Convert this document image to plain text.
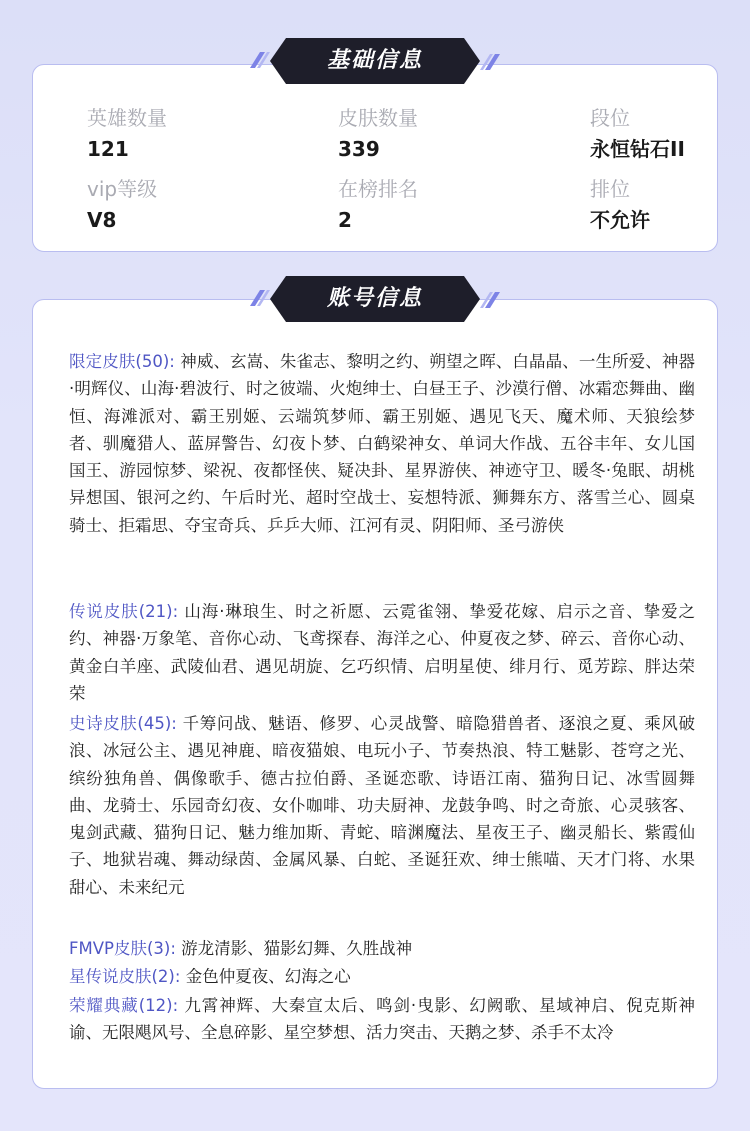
英雄数量
121
皮肤数量
339
段位
永恒钻石II
vip等级
V8
在榜排名
2
排位
不允许
基础信息

限定皮肤(50): 神威、玄嵩、朱雀志、黎明之约、朔望之晖、白晶晶、一生所爱、神器·明辉仪、山海·碧波行、时之彼端、火炮绅士、白昼王子、沙漠行僧、冰霜恋舞曲、幽恒、海滩派对、霸王别姬、云端筑梦师、霸王别姬、遇见飞天、魔术师、天狼绘梦者、驯魔猎人、蓝屏警告、幻夜卜梦、白鹤梁神女、单词大作战、五谷丰年、女儿国国王、游园惊梦、梁祝、夜都怪侠、疑决卦、星界游侠、神迹守卫、暖冬·兔眠、胡桃异想国、银河之约、午后时光、超时空战士、妄想特派、狮舞东方、落雪兰心、圆桌骑士、拒霜思、夺宝奇兵、乒乒大师、江河有灵、阴阳师、圣弓游侠

传说皮肤(21): 山海·琳琅生、时之祈愿、云霓雀翎、挚爱花嫁、启示之音、挚爱之约、神器·万象笔、音你心动、飞鸢探春、海洋之心、仲夏夜之梦、碎云、音你心动、黄金白羊座、武陵仙君、遇见胡旋、乞巧织情、启明星使、绯月行、觅芳踪、胖达荣荣

史诗皮肤(45): 千筹问战、魅语、修罗、心灵战警、暗隐猎兽者、逐浪之夏、乘风破浪、冰冠公主、遇见神鹿、暗夜猫娘、电玩小子、节奏热浪、特工魅影、苍穹之光、缤纷独角兽、偶像歌手、德古拉伯爵、圣诞恋歌、诗语江南、猫狗日记、冰雪圆舞曲、龙骑士、乐园奇幻夜、女仆咖啡、功夫厨神、龙鼓争鸣、时之奇旅、心灵骇客、鬼剑武藏、猫狗日记、魅力维加斯、青蛇、暗渊魔法、星夜王子、幽灵船长、紫霞仙子、地狱岩魂、舞动绿茵、金属风暴、白蛇、圣诞狂欢、绅士熊喵、天才门将、水果甜心、未来纪元

FMVP皮肤(3): 游龙清影、猫影幻舞、久胜战神

星传说皮肤(2): 金色仲夏夜、幻海之心

荣耀典藏(12): 九霄神辉、大秦宣太后、鸣剑·曳影、幻阙歌、星域神启、倪克斯神谕、无限飓风号、全息碎影、星空梦想、活力突击、天鹅之梦、杀手不太冷

账号信息
